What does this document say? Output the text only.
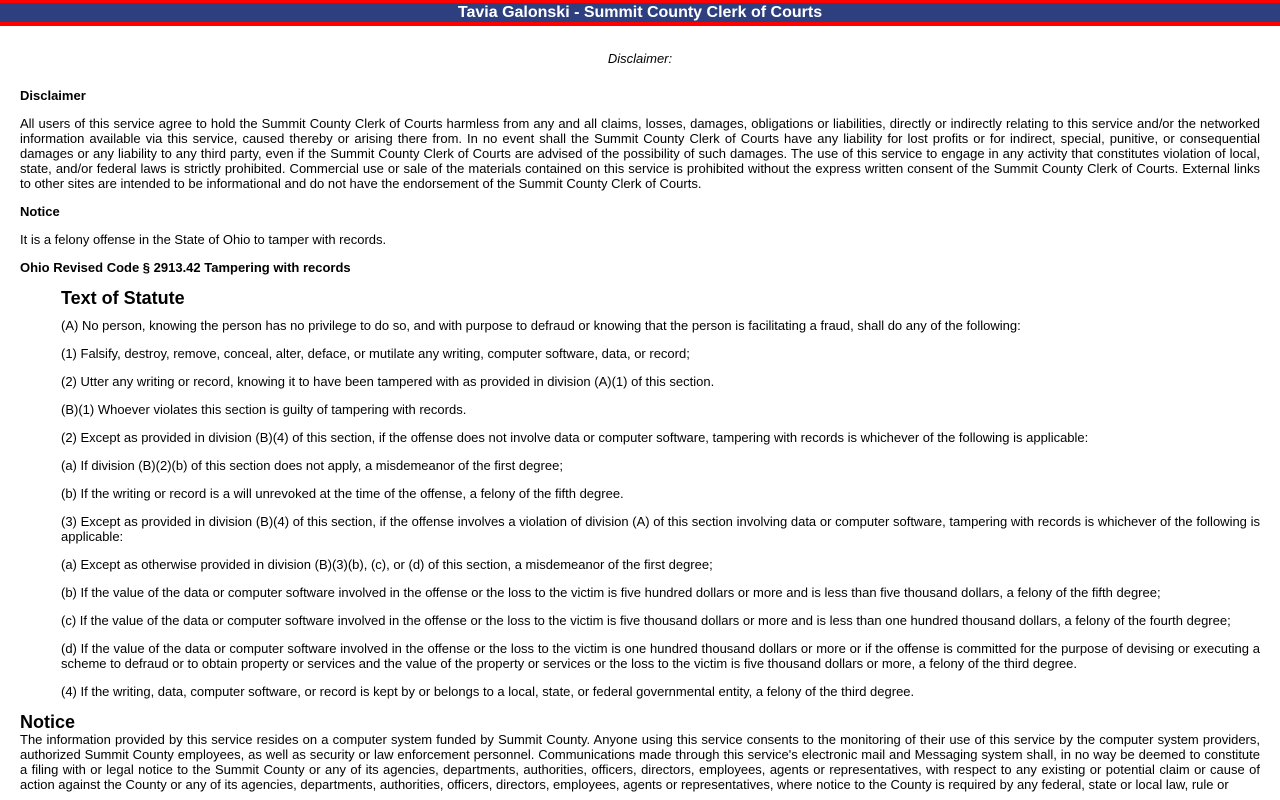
Tavia Galonski - Summit County Clerk of Courts
Disclaimer:
Disclaimer

All users of this service agree to hold the Summit County Clerk of Courts harmless from any and all claims, losses, damages, obligations or liabilities, directly or indirectly relating to this service and/or the networked information available via this service, caused thereby or arising there from. In no event shall the Summit County Clerk of Courts have any liability for lost profits or for indirect, special, punitive, or consequential damages or any liability to any third party, even if the Summit County Clerk of Courts are advised of the possibility of such damages. The use of this service to engage in any activity that constitutes violation of local, state, and/or federal laws is strictly prohibited. Commercial use or sale of the materials contained on this service is prohibited without the express written consent of the Summit County Clerk of Courts. External links to other sites are intended to be informational and do not have the endorsement of the Summit County Clerk of Courts.

Notice

It is a felony offense in the State of Ohio to tamper with records.

Ohio Revised Code § 2913.42 Tampering with records
Text of Statute

(A) No person, knowing the person has no privilege to do so, and with purpose to defraud or knowing that the person is facilitating a fraud, shall do any of the following:

(1) Falsify, destroy, remove, conceal, alter, deface, or mutilate any writing, computer software, data, or record;

(2) Utter any writing or record, knowing it to have been tampered with as provided in division (A)(1) of this section.

(B)(1) Whoever violates this section is guilty of tampering with records.

(2) Except as provided in division (B)(4) of this section, if the offense does not involve data or computer software, tampering with records is whichever of the following is applicable:

(a) If division (B)(2)(b) of this section does not apply, a misdemeanor of the first degree;

(b) If the writing or record is a will unrevoked at the time of the offense, a felony of the fifth degree.

(3) Except as provided in division (B)(4) of this section, if the offense involves a violation of division (A) of this section involving data or computer software, tampering with records is whichever of the following is applicable:

(a) Except as otherwise provided in division (B)(3)(b), (c), or (d) of this section, a misdemeanor of the first degree;

(b) If the value of the data or computer software involved in the offense or the loss to the victim is five hundred dollars or more and is less than five thousand dollars, a felony of the fifth degree;

(c) If the value of the data or computer software involved in the offense or the loss to the victim is five thousand dollars or more and is less than one hundred thousand dollars, a felony of the fourth degree;

(d) If the value of the data or computer software involved in the offense or the loss to the victim is one hundred thousand dollars or more or if the offense is committed for the purpose of devising or executing a scheme to defraud or to obtain property or services and the value of the property or services or the loss to the victim is five thousand dollars or more, a felony of the third degree.

(4) If the writing, data, computer software, or record is kept by or belongs to a local, state, or federal governmental entity, a felony of the third degree.

Notice

The information provided by this service resides on a computer system funded by Summit County. Anyone using this service consents to the monitoring of their use of this service by the computer system providers, authorized Summit County employees, as well as security or law enforcement personnel. Communications made through this service's electronic mail and Messaging system shall, in no way be deemed to constitute a filing with or legal notice to the Summit County or any of its agencies, departments, authorities, officers, directors, employees, agents or representatives, with respect to any existing or potential claim or cause of action against the County or any of its agencies, departments, authorities, officers, directors, employees, agents or representatives, where notice to the County is required by any federal, state or local law, rule or
